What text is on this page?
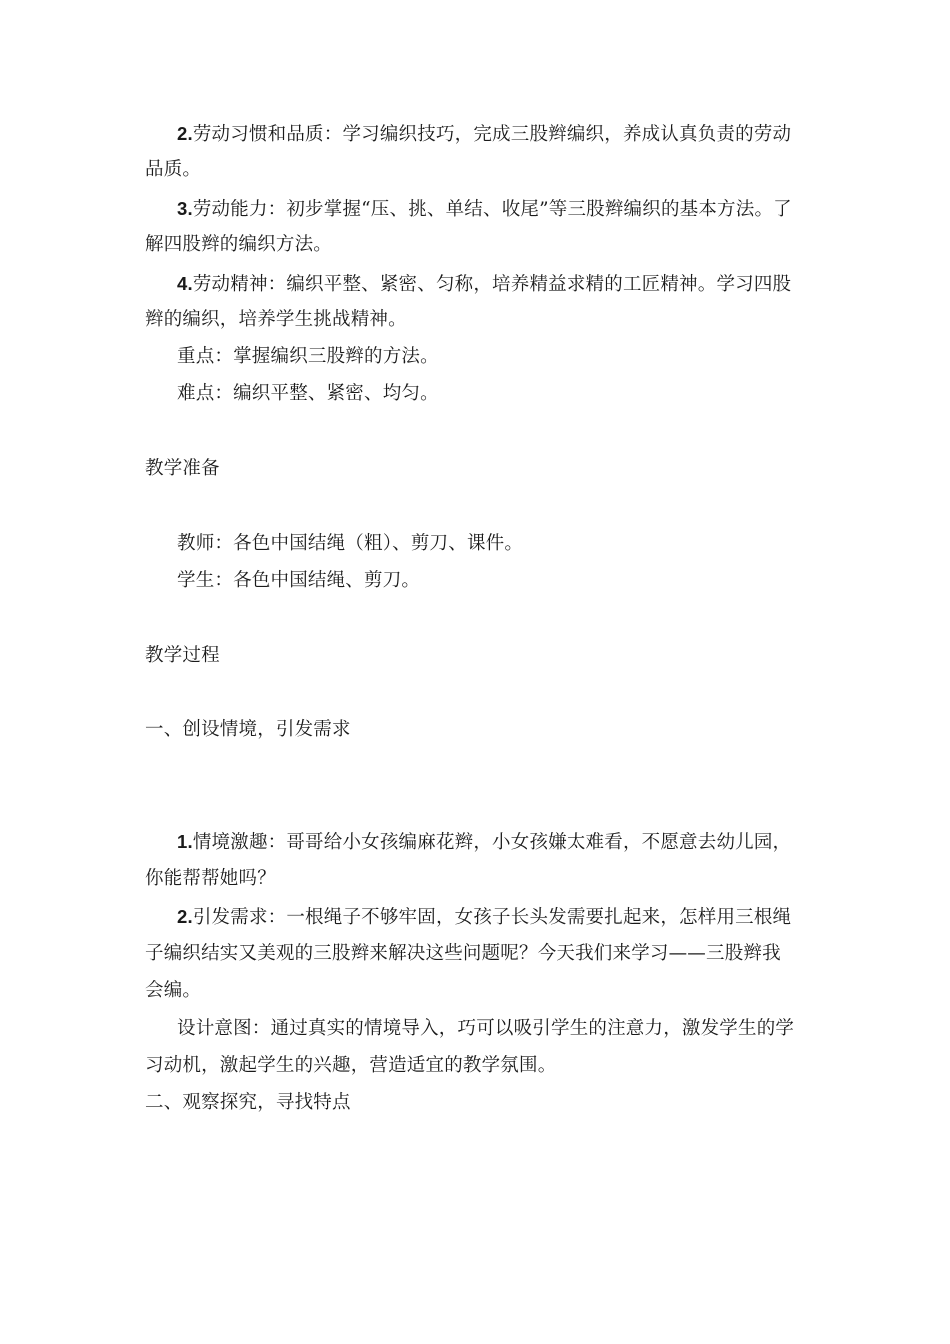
2.劳动习惯和品质：学习编织技巧，完成三股辫编织，养成认真负责的劳动
品质。
3.劳动能力：初步掌握“压、挑、单结、收尾”等三股辫编织的基本方法。了
解四股辫的编织方法。
4.劳动精神：编织平整、紧密、匀称，培养精益求精的工匠精神。学习四股
辫的编织，培养学生挑战精神。
重点：掌握编织三股辫的方法。
难点：编织平整、紧密、均匀。
教学准备
教师：各色中国结绳（粗）、剪刀、课件。
学生：各色中国结绳、剪刀。
教学过程
一、创设情境，引发需求
1.情境激趣：哥哥给小女孩编麻花辫，小女孩嫌太难看，不愿意去幼儿园，
你能帮帮她吗？
2.引发需求：一根绳子不够牢固，女孩子长头发需要扎起来，怎样用三根绳
子编织结实又美观的三股辫来解决这些问题呢？今天我们来学习——三股辫我
会编。
设计意图：通过真实的情境导入，巧可以吸引学生的注意力，激发学生的学
习动机，激起学生的兴趣，营造适宜的教学氛围。
二、观察探究，寻找特点
